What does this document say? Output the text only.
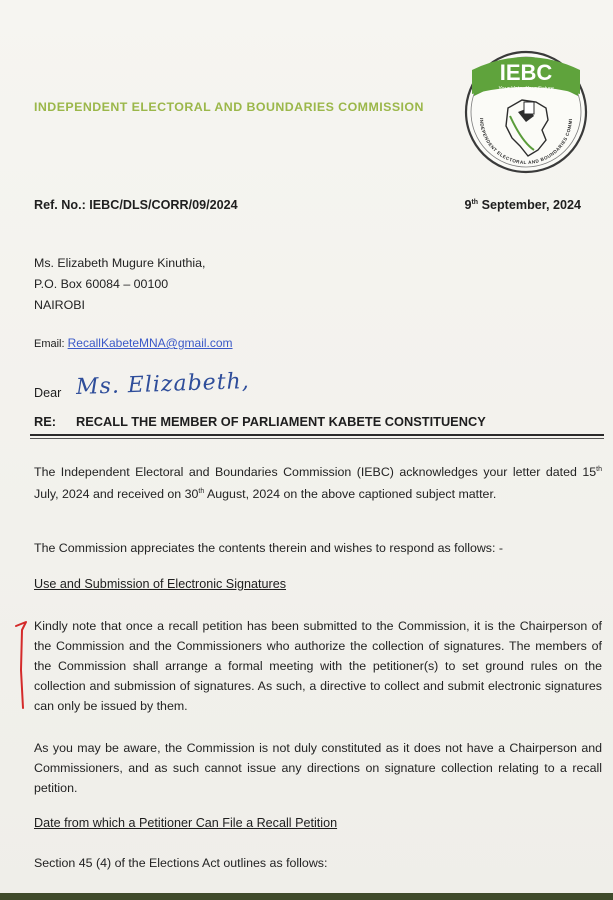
INDEPENDENT ELECTORAL AND BOUNDARIES COMMISSION
IEBC
Your Vote, Your Future
INDEPENDENT ELECTORAL AND BOUNDARIES COMMI
Ref. No.: IEBC/DLS/CORR/09/2024	9th September, 2024
Ms. Elizabeth Mugure Kinuthia,
P.O. Box 60084 – 00100
NAIROBI
Email: RecallKabeteMNA@gmail.com
Dear Ms. Elizabeth,
RE: RECALL THE MEMBER OF PARLIAMENT KABETE CONSTITUENCY
The Independent Electoral and Boundaries Commission (IEBC) acknowledges your letter dated 15th July, 2024 and received on 30th August, 2024 on the above captioned subject matter.
The Commission appreciates the contents therein and wishes to respond as follows: -
Use and Submission of Electronic Signatures
Kindly note that once a recall petition has been submitted to the Commission, it is the Chairperson of the Commission and the Commissioners who authorize the collection of signatures. The members of the Commission shall arrange a formal meeting with the petitioner(s) to set ground rules on the collection and submission of signatures. As such, a directive to collect and submit electronic signatures can only be issued by them.
As you may be aware, the Commission is not duly constituted as it does not have a Chairperson and Commissioners, and as such cannot issue any directions on signature collection relating to a recall petition.
Date from which a Petitioner Can File a Recall Petition
Section 45 (4) of the Elections Act outlines as follows:
